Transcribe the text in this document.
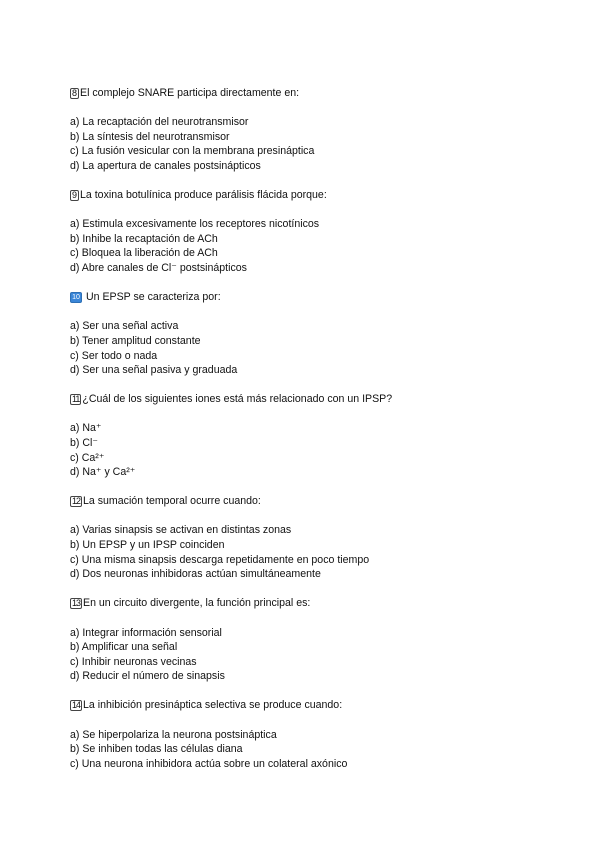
8 El complejo SNARE participa directamente en:
a) La recaptación del neurotransmisor
b) La síntesis del neurotransmisor
c) La fusión vesicular con la membrana presináptica
d) La apertura de canales postsinápticos
9 La toxina botulínica produce parálisis flácida porque:
a) Estimula excesivamente los receptores nicotínicos
b) Inhibe la recaptación de ACh
c) Bloquea la liberación de ACh
d) Abre canales de Cl⁻ postsinápticos
10 Un EPSP se caracteriza por:
a) Ser una señal activa
b) Tener amplitud constante
c) Ser todo o nada
d) Ser una señal pasiva y graduada
11 ¿Cuál de los siguientes iones está más relacionado con un IPSP?
a) Na⁺
b) Cl⁻
c) Ca²⁺
d) Na⁺ y Ca²⁺
12 La sumación temporal ocurre cuando:
a) Varias sinapsis se activan en distintas zonas
b) Un EPSP y un IPSP coinciden
c) Una misma sinapsis descarga repetidamente en poco tiempo
d) Dos neuronas inhibidoras actúan simultáneamente
13 En un circuito divergente, la función principal es:
a) Integrar información sensorial
b) Amplificar una señal
c) Inhibir neuronas vecinas
d) Reducir el número de sinapsis
14 La inhibición presináptica selectiva se produce cuando:
a) Se hiperpolariza la neurona postsináptica
b) Se inhiben todas las células diana
c) Una neurona inhibidora actúa sobre un colateral axónico
